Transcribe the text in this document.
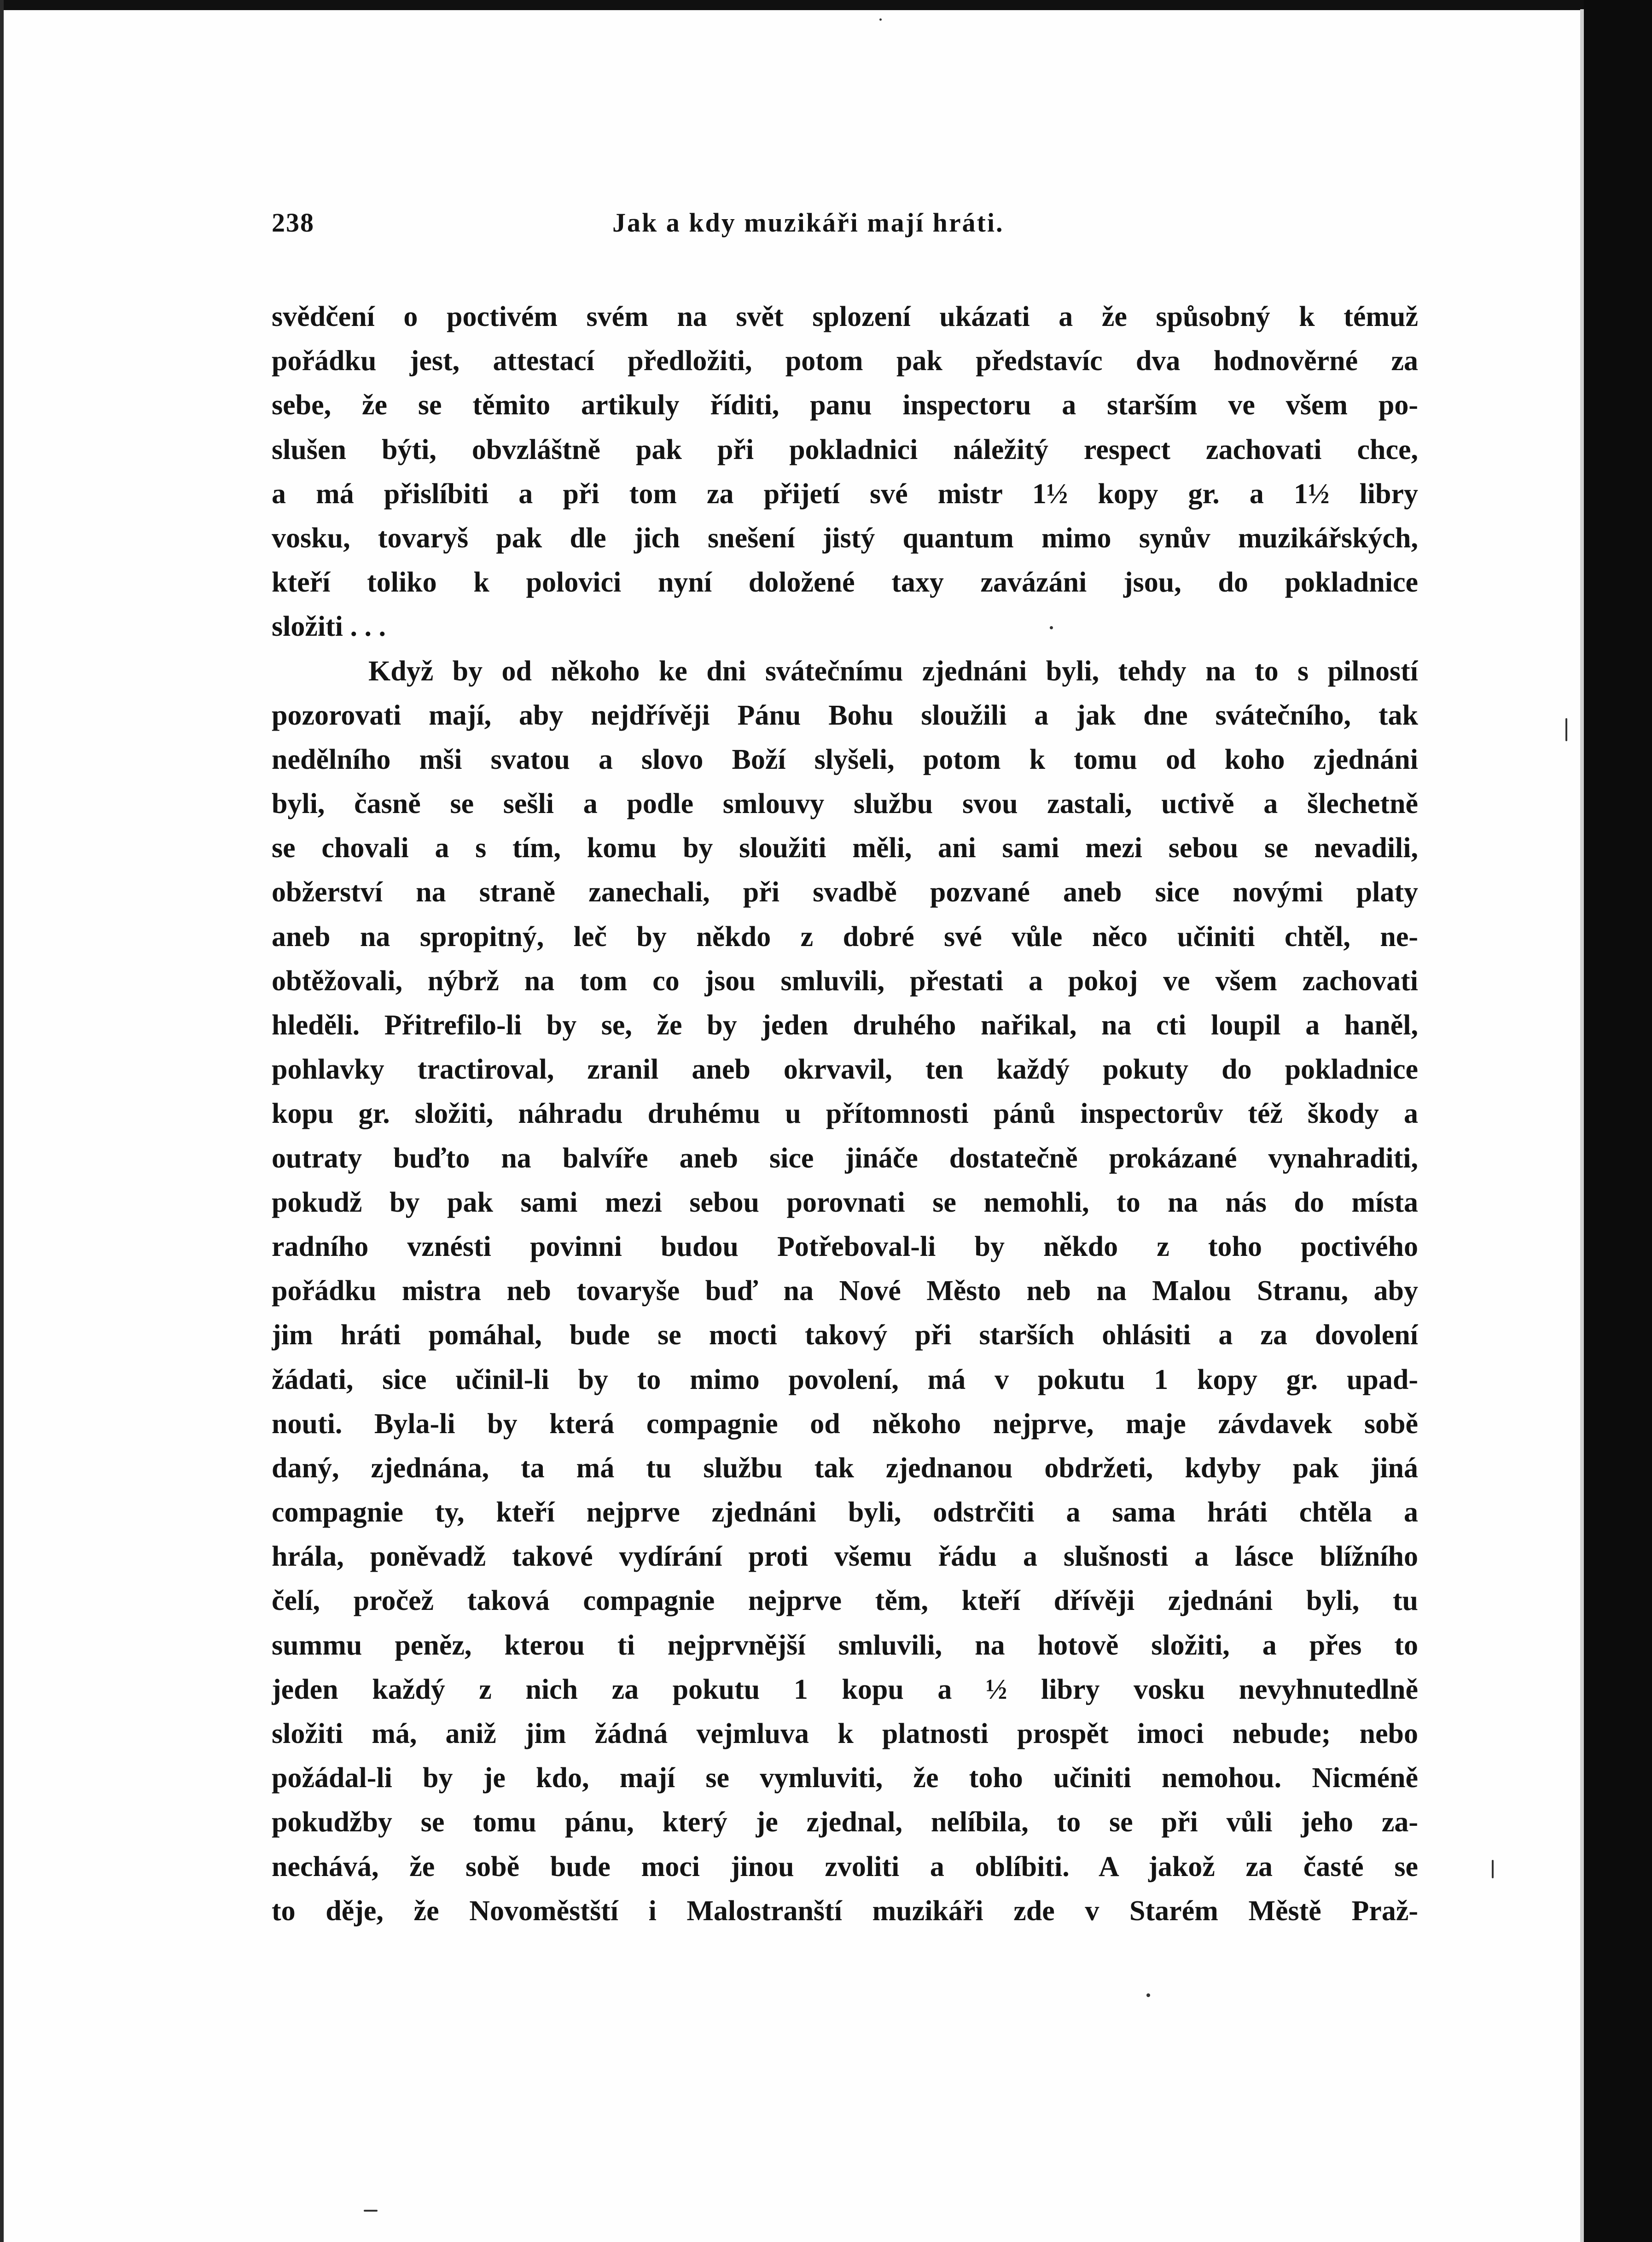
238	Jak a kdy muzikáři mají hráti.
svědčení o poctivém svém na svět splození ukázati a že spůsobný k témuž
pořádku jest, attestací předložiti, potom pak představíc dva hodnověrné za
sebe, že se těmito artikuly říditi, panu inspectoru a starším ve všem po-
slušen býti, obvzláštně pak při pokladnici náležitý respect zachovati chce,
a má přislíbiti a při tom za přijetí své mistr 1½ kopy gr. a 1½ libry
vosku, tovaryš pak dle jich snešení jistý quantum mimo synův muzikářských,
kteří toliko k polovici nyní doložené taxy zavázáni jsou, do pokladnice
složiti . . .
Když by od někoho ke dni svátečnímu zjednáni byli, tehdy na to s pilností
pozorovati mají, aby nejdřívěji Pánu Bohu sloužili a jak dne svátečního, tak
nedělního mši svatou a slovo Boží slyšeli, potom k tomu od koho zjednáni
byli, časně se sešli a podle smlouvy službu svou zastali, uctivě a šlechetně
se chovali a s tím, komu by sloužiti měli, ani sami mezi sebou se nevadili,
obžerství na straně zanechali, při svadbě pozvané aneb sice novými platy
aneb na spropitný, leč by někdo z dobré své vůle něco učiniti chtěl, ne-
obtěžovali, nýbrž na tom co jsou smluvili, přestati a pokoj ve všem zachovati
hleděli. Přitrefilo-li by se, že by jeden druhého nařikal, na cti loupil a haněl,
pohlavky tractiroval, zranil aneb okrvavil, ten každý pokuty do pokladnice
kopu gr. složiti, náhradu druhému u přítomnosti pánů inspectorův též škody a
outraty buďto na balvíře aneb sice jináče dostatečně prokázané vynahraditi,
pokudž by pak sami mezi sebou porovnati se nemohli, to na nás do místa
radního vznésti povinni budou Potřeboval-li by někdo z toho poctivého
pořádku mistra neb tovaryše buď na Nové Město neb na Malou Stranu, aby
jim hráti pomáhal, bude se mocti takový při starších ohlásiti a za dovolení
žádati, sice učinil-li by to mimo povolení, má v pokutu 1 kopy gr. upad-
nouti. Byla-li by která compagnie od někoho nejprve, maje závdavek sobě
daný, zjednána, ta má tu službu tak zjednanou obdržeti, kdyby pak jiná
compagnie ty, kteří nejprve zjednáni byli, odstrčiti a sama hráti chtěla a
hrála, poněvadž takové vydírání proti všemu řádu a slušnosti a lásce blížního
čelí, pročež taková compagnie nejprve těm, kteří dřívěji zjednáni byli, tu
summu peněz, kterou ti nejprvnější smluvili, na hotově složiti, a přes to
jeden každý z nich za pokutu 1 kopu a ½ libry vosku nevyhnutedlně
složiti má, aniž jim žádná vejmluva k platnosti prospět imoci nebude; nebo
požádal-li by je kdo, mají se vymluviti, že toho učiniti nemohou. Nicméně
pokudžby se tomu pánu, který je zjednal, nelíbila, to se při vůli jeho za-
nechává, že sobě bude moci jinou zvoliti a oblíbiti. A jakož za časté se
to děje, že Novoměstští i Malostranští muzikáři zde v Starém Městě Praž-
